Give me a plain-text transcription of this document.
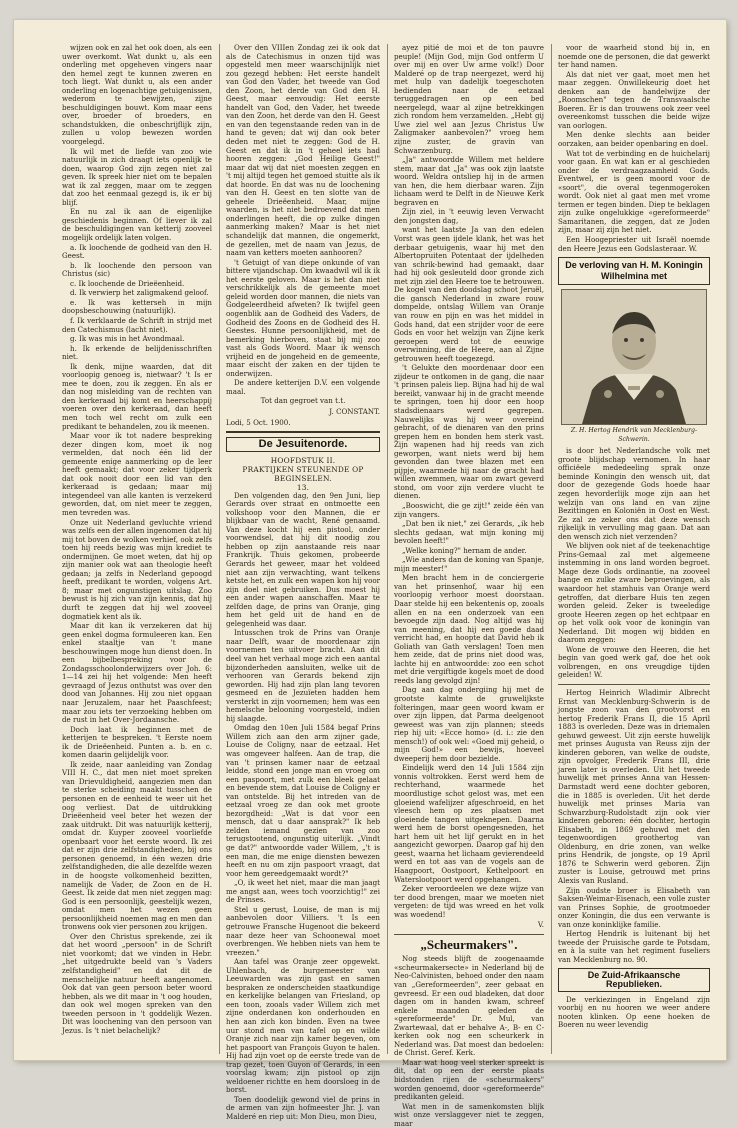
wijzen ook en zal het ook doen, als een uwer overkomt. Wat dunkt u, als een onderling met opgeheven vingers naar den hemel zegt te kunnen zweren en toch liegt. Wat dunkt u, als een ander onderling en logenachtige getuigenissen, wederom te bewijzen, zijne beschuldigingen bouwt. Kom maar eens over, broeder of broeders, en schandstukken, die onbeschrijflijk zijn, zullen u volop bewezen worden voorgelegd.

Ik wil met de liefde van zoo wie natuurlijk in zich draagt iets openlijk te doen, waarop God zijn zegen niet zal geven. Ik spreek hier niet om te bepalen wat ik zal zeggen, maar om te zeggen dat zoo het eenmaal gezegd is, ik er bij blijf.

En nu zal ik aan de eigenlijke geschiedenis beginnen. Of liever ik zal de beschuldigingen van ketterij zooveel mogelijk ordelijk laten volgen.

a. Ik loochende de godheid van den H. Geest.

b. Ik loochende den persoon van Christus (sic)

c. Ik loochende de Drieëenheid.

d. Ik verwierp het zaligmakend geloof.

e. Ik was ketterseh in mijn doopsbeschouwing (natuurlijk).

f. Ik verklaarde de Schrift in strijd met den Catechismus (lacht niet).

g. Ik was mis in het Avondmaal.

h. Ik erkende de belijdenisschriften niet.

Ik denk, mijne waarden, dat dit voorloopig genoeg is, nietwaar? 't Is er mee te doen, zou ik zeggen. En als er dan nog misleiding van de rechten van den kerkeraad bij komt en heerschappij voeren over den kerkeraad, dan heeft men toch wel recht om zulk een predikant te behandelen, zou ik meenen.

Maar voor ik tot nadere bespreking dezer dingen kom, moet ik nog vermelden, dat noch één lid der gemeente enige aanmerking op de leer heeft gemaakt; dat voor zeker tijdperk dat ook nooit door een lid van den kerkeraad is gedaan; maar mij integendeel van alle kanten is verzekerd geworden, dat, om niet meer te zeggen, men tevreden was.

Onze uit Nederland gevluchte vriend was zelfs een der allen ingenomen dat hij mij tot boven de wolken verhief, ook zelfs toen hij reeds bezig was mijn krediet te ondermijnen. Ge moet weten, dat hij op zijn manier ook wat aan theologie heeft gedaan; ja zelfs in Nederland gepoogd heeft, predikant te worden, volgens Art. 8; maar met ongunstigen uitslag. Zoo bewust is hij zich van zijn kennis, dat hij durft te zeggen dat hij wel zooveel dogmatiek kent als ik.

Maar dit kan ik verzekeren dat hij geen enkel dogma formuleeren kan. Een enkel staaltje van 't mane beschouwingen moge hun dienst doen. In een bijbelbespreking voor de Zondagsschoolonderwijzers over Joh. 6: 1—14 zei hij het volgende: Men heeft gevraagd of Jezus onthutst was over den dood van Johannes. Hij zou niet opgaan naar Jeruzalem, naar het Paaschfeest; maar zou iets ter verzoeking hebben om de rust in het Over-Jordaansche.

Doch laat ik beginnen met de ketterijen te bespreken. 't Eerste noem ik de Drieëenheid. Punten a. b. en c. komen daarin gelijdelijk voor.

Ik zeide, naar aanleiding van Zondag VIII H. C., dat men niet moet spreken van Drievuldigheid, aangezien men dan te sterke scheiding maakt tusschen de personen en de eenheid te weer uit het oog verliest. Dat de uitdrukking Drieëenheid veel beter het wezen der zaak uitdrukt. Dit was natuurlijk ketterij, omdat dr. Kuyper zooveel voorliefde openbaart voor het eerste woord. Ik zei dat er zijn drie zelfstandigheden, bij ons personen genoemd, in één wezen drie zelfstandigheden, die alle dezelfde wezen in de hoogste volkomenheid bezitten, namelijk de Vader, de Zoon en de H. Geest. Ik zeide dat men niet zeggen mag: God is een persoonlijk, geestelijk wezen, omdat men het wezen geen persoonlijkheid noemen mag en men dan tronwens ook vier personen zou krijgen.

Over den Christus sprekende, zei ik dat het woord „persoon" in de Schrift niet voorkomt; dat we vinden in Hebr. „het uitgedrukte beeld van 's Vaders zelfstandigheid" en dat dit de menschelijke natuur heeft aangenomen. Ook dat van geen persoon beter woord hebben, als we dit maar in 't oog houden, dan ook wel mogen spreken van den tweeden persoon in 't goddelijk Wezen. Dit was loochening van den persoon van Jezus. Is 't niet belachelijk?

Over den VIIIen Zondag zei ik ook dat als de Catechismus in onzen tijd was opgesteld men meer waarschijnlijk niet zou gezegd hebben: Het eerste handelt van God den Vader, het tweede van God den Zoon, het derde van God den H. Geest, maar eenvoudig: Het eerste handelt van God, den Vader, het tweede van den Zoon, het derde van den H. Geest en van den tegenstaande reden van in de hand te geven; dat wij dan ook beter deden met niet te zeggen: God de H. Geest en dat ik in 't geheel iets had hooren zeggen: „God Heilige Geest!" maar dat wij dat niet moesten zeggen en 't mij altijd tegen het gemoed stuitte als ik dat hoorde. En dat was nu de loochening van den H. Geest en ten slotte van de geheele Drieëenheid. Maar, mijne waarden, is het niet bedroevend dat men onderlingen heeft, die op zulke dingen aanmerking maken? Maar is het niet schandelijk dat mannen, die ongemerkt, de gezellen, met de naam van Jezus, de naam van ketters moeten aanhooren?

't Getuigt of van diepe onkunde of van bittere vijandschap. Om kwaadwil wil ik ik het eerste geloven. Maar is het dan niet verschrikkelijk als de gemeente moet geleid worden door mannen, die niets van Godgeleerdheid afweten? Ik twijfel geen oogenblik aan de Godheid des Vaders, de Godheid des Zoons en de Godheid des H. Geestes. Hunne persoonlijkheid, met de bemerking hierboven, staat bij mij zoo vast als Gods Woord. Maar ik wensch vrijheid en de jongeheid en de gemeente, maar eischt der zaken en der tijden te onderwijzen.

De andere ketterijen D.V. een volgende maal.

Tot dan gegroet van t.t.
J. CONSTANT.
Lodi, 5 Oct. 1900.
De Jesuitenorde.
HOOFDSTUK II.
PRAKTIJKEN STEUNENDE OP BEGINSELEN.
13.

Den volgenden dag, den 9en Juni, liep Gerards over straat en ontmoette een volkshoop voor den Mannen, die er blijkbaar van de wacht, René genaamd. Van deze kocht hij een pistool, onder voorwendsel, dat hij dit noodig zou hebben op zijn aanstaande reis naar Frankrijk. Thuis gekomen, probeerde Gerards het geweer, maar het voldeed niet aan zijn verwachting, want telkens ketste het, en zulk een wapen kon hij voor zijn doel niet gebruiken. Dus moest hij een ander wapen aanschaffen. Maar te zelfden dage, de prins van Oranje, ging hem het geld uit de hand en de gelegenheid was daar.

Intusschen trok de Prins van Oranje naar Delft, waar de moordenaar zijn voornemen ten uitvoer bracht. Aan dit deel van het verhaal moge zich een aantal bijzonderheden aansluiten, welke uit de verhooren van Gerards bekend zijn geworden. Hij had zijn plan lang tevoren gesmeed en de Jezuïeten hadden hem versterkt in zijn voornemen; hem was een hemelsche belooning voorgesteld, indien hij slaagde.

Omdag den 10en Juli 1584 begaf Prins Willem zich aan den arm zijner gade, Louise de Coligny, naar de eetzaal. Het was omgeveer halfeen. Aan de trap, die van 't prinsen kamer naar de eetzaal leidde, stond een jonge man en vroeg om een paspoort, met zulk een bleek gelaat en bevende stem, dat Louise de Coligny er van ontstelde. Bij het intreden van de eetzaal vroeg ze dan ook met groote bezorgdheid: „Wat is dat voor een mensch, dat u daar aansprak?" Ik heb zelden iemand gezien van zoo terugstootend, ongunstig uiterlijk. „Vindt ge dat?" antwoordde vader Willem, „'t is een man, die me enige diensten bewezen heeft en nu om zijn paspoort vraagt, dat voor hem gereedgemaakt wordt?"

„O, ik weet het niet, maar die man jaagt me angst aan, wees toch voorzichtig!" zei de Prinses.

Stel u gerust, Louise, de man is mij aanbevolen door Villiers. 't Is een getrouwe Fransche Hugenoot die bekeerd naar deze heer van Schoonewal moet overbrengen. We hebben niets van hem te vreezen."

Aan tafel was Oranje zeer opgewekt. Uhlenbach, de burgemeester van Leeuwarden was zijn gast en samen bespraken ze onderscheiden staatkundige en kerkelijke belangen van Friesland, op een toon, zooals vader Willem zich met zijne onderdanen kon onderhouden en hen aan zich kon binden. Even na twee uur stond men van tafel op en wilde Oranje zich naar zijn kamer begeven, om het paspoort van François Guyon te halen. Hij had zijn voet op de eerste trede van de trap gezet, toen Guyon of Gerards, in een voorslag kwam; zijn pistool op zijn weldoener richtte en hem doorsloeg in de borst.

Toen doodelijk gewond viel de prins in de armen van zijn hofmeester Jhr. J. van Malderé en riep uit: Mon Dieu, mon Dieu,

ayez pitié de moi et de ton pauvre peuple! (Mijn God, mijn God ontferm U over mij en over Uw arme volk!) Door Malderé op de trap neergezet, werd hij met hulp van dadelijk toegeschoten bedienden naar de eetzaal teruggedragen en op een bed neergelegd, waar al zijne betrekkingen zich rondom hem verzamelden. „Hebt gij Uwe ziel wel aan Jezus Christus Uw Zaligmaker aanbevolen?" vroeg hem zijne zuster, de gravin van Schwarzenburg.

„Ja" antwoordde Willem met heldere stem, maar dat „Ja" was ook zijn laatste woord. Weldra ontsliep hij in de armen van hen, die hem dierbaar waren. Zijn lichaam werd te Delft in de Nieuwe Kerk begraven en

Zijn ziel, in 't eeuwig leven Verwacht den jongsten dag,

want het laatste Ja van den edelen Vorst was geen ijdele klank, het was het derbaar getuigenis, waar hij met den Albertopruiten Potentaat der ijdelheden van schrik-bewind had gemaakt, daar had hij ook gesleuteld door gronde zich met zijn ziel den Heere toe te betrouwen. De kogel van den doodslag schoot Jeruël, die gansch Nederland in zware rouw dompelde, ontslag Willem van Oranje van rouw en pijn en was het middel in Gods hand, dat een strijder voor de eere Gods en voor het welzijn van Zijne kerk geroepen werd tot de eeuwige overwinning, die de Heere, aan al Zijne getrouwen heeft toegezegd.

't Gelukte den moordenaar door een zijdeur te ontkomen in de gang, die naar 't prinsen paleis liep. Bijna had hij de wal bereikt, vanwaar hij in de gracht meende te springen, toen hij door een hoop stadsdienaars werd gegrepen. Nauwelijks was hij weer overeind gebracht, of de dienaren van den prins grepen hem en bonden hem sterk vast. Zijn wapenen had hij reeds van zich geworpen, want niets werd bij hem gevonden dan twee blazen met een pijpje, waarmede hij naar de gracht had willen zwemmen, waar om zwart geverd stond, om voor zijn verdere vlucht te dienen.

„Booswicht, die ge zijt!" zeide één van zijn vangers.

„Dat ben ik niet," zei Gerards, „ik heb slechts gedaan, wat mijn koning mij bevolen heeft!"

„Welke koning?" hernam de ander.

„Wie anders dan de koning van Spanje, mijn meester!"

Men bracht hem in de conciergerie van het prinsenhof, waar hij een voorloopig verhoor moest doorstaan. Daar stelde hij een bekentenis op, zooals allen en na een onderzoek van een bevoegde zijn daad. Nog altijd was hij van meening, dat hij een goede daad verricht had, en hoopte dat David heb ik Goliath van Gath verslagen! Toen men hem zeide, dat de prins niet dood was, lachte hij en antwoordde: zoo een schot met drie vergiftigde kogels moet de dood reeds lang gevolgd zijn!

Dag aan dag ondergiing hij met de grootste kalmte de gruwelijkste folteringen, maar geen woord kwam er over zijn lippen, dat Parma deelgenoot geweest was van zijn plannen; steeds riep hij uit: «Ecce homo» (d. i.: zie den mensch!) of ook wel: «Goed mij geheid, o mijn God!» een bewijs, hoeveel dweeperij hem door bezielde.

Eindelijk werd den 14 Juli 1584 zijn vonnis voltrokken. Eerst werd hem de rechterhand, waarmede het moordlustige schot gelost was, met een gloeiend wafelijzer afgeschroeid, en het vleesch hem op zes plaatsen met gloeiende tangen uitgeknepen. Daarna werd hem de borst opengesneden, het hart hem uit het lijf gerukt en in het aangezicht geworpen. Daarop gaf hij den geest, waarna het lichaam gevierendeeld werd en tot aas van de vogels aan de Haagpoort, Oostpoort, Kethelpoort en Waterslootpoort werd opgehangen.

Zeker veroordeelen we deze wijze van ter dood brengen, maar we moeten niet vergeten: de tijd was wreed en het volk was woedend!

V.
„Scheurmakers".

Nog steeds blijft de zoogenaamde «scheurmakersecte» in Nederland bij de Neo-Calvinisten, behoed onder den naam van „Gereformeerden", zeer gebaat en gevreesd. Er een oud bladeken, dat door dagen om in handen kwam, schreef enkele maanden geleden de «gereformeerde" Dr. Mul, van Zwartewaal, dat er behalve A-, B- en C-kerken ook nog een scheurkerk in Nederland was. Dat moest dan bedoelen: de Christ. Geref. Kerk.

Maar wat hoog veel sterker spreekt is dit, dat op een der eerste plaats bidstonden rijen de «scheurmakers" worden genoemd, door «gereformeerde" predikanten geleid.

Wat men in de samenkomsten blijk wist onze verslaggever niet te zeggen, maar

voor de waarheid stond bij in, en noemde one de personen, die dat gewerkt ter hand namen.

Als dat niet ver gaat, moet men het maar zeggen. Onwillekeurig doet het denken aan de handelwijze der „Roomschen" tegen de Transvaalsche Boeren. Er is dan trouwens ook zeer veel overeenkomst tusschen die beide wijze van oorlogen.

Men denke slechts aan beider oorzaken, aan beider openbaring en doel.

Wat tot de verbinding en de huichelarij voor gaan. En wat kan er al geschieden onder de verdraagzaamheid Gods. Eventwel, er is geen moord voor de «soort", die overal tegenmogeroken wordt. Ook niet al gaat men met vrome termen er tegen binden. Diep te beklagen zijn zulke ongelukkige «gereformeerde" Samaritanen, die zeggen, dat ze Joden zijn, maar zij zijn het niet.

Een Hoogepriester uit Israël noemde den Heere Jezus een Godslasteraar. W.

De verloving van H. M. Koningin Wilhelmina met
Z. H. Hertog Hendrik van Mecklenburg-Schwerin.

is door het Nederlandsche volk met groote blijdschap vernomen. In haar officiëele mededeeling sprak onze beminde Koningin den wensch uit, dat door de gezegende Gods hoede haar zegen hevorderlijk moge zijn aan het welzijn van ons land en van zijne Bezittingen en Koloniën in Oost en West. Ze zal ze zeker ons dat deze wensch rijkelijk in vervulling mag gaan. Dat aan den wensch zich niet verzenden?

We blijven ook niet af de teekenachtige Prins-Gemaal zal met algemeene instemming in ons land worden begroet. Mage deze Gods ordinantie, na zooveel bange en zulke zware beproevingen, als waardoor het stamhuis van Oranje werd getroffen, dat dierbare Huis ten zegen worden geleid. Zeker is tweeledige groote Heeren zegen op het echtpaar en op het volk ook voor de koningin van Nederland. Dit mogen wij bidden en daarom zeggen:

Wone de vrouwe den Heeren, die het begin van goed werk gaf, doe het ook volbrengen, en ons vreugdige tijden geleiden! W.

Hertog Heinrich Wladimir Albrecht Ernst van Mecklenburg-Schwerin is de jongste zoon van den grootvorst en hertog Frederik Frans II, die 15 April 1883 is overleden. Deze was in driemalen gehuwd geweest. Uit zijn eerste huwelijk met prinses Augusta van Reuss zijn der kinderen geboren, van welke de oudste, zijn opvolger, Frederik Frans III, drie jaren later is overleden. Uit het tweede huwelijk met prinses Anna van Hessen-Darmstadt werd eene dochter geboren, die in 1885 is overleden. Uit het derde huwelijk met prinses Maria van Schwarzburg-Rudolstadt zijn ook vier kinderen geboren: één dochter, hertogin Elisabeth, in 1869 gehuwd met den tegenwoordigen groothertog van Oldenburg, en drie zonen, van welke prins Hendrik, de jongste, op 19 April 1876 te Schwerin werd geboren. Zijn zuster is Louise, getrouwd met prins Alexis van Rusland.

Zijn oudste broer is Elisabeth van Saksen-Weimar-Eisenach, een volle zuster van Prinses Sophie, de grootmoeder onzer Koningin, die dus een verwante is van onze koninklijke familie.

Hertog Hendrik is luitenant bij het tweede der Pruisische garde te Potsdam, en à la suite van het regiment fuseliers van Mecklenburg no. 90.

De Zuid-Afrikaansche Republieken.

De verkiezingen in Engeland zijn voorbij en nu hooren we weer andere nooten klinken. Op eene hoeken de Boeren nu weer levendig
